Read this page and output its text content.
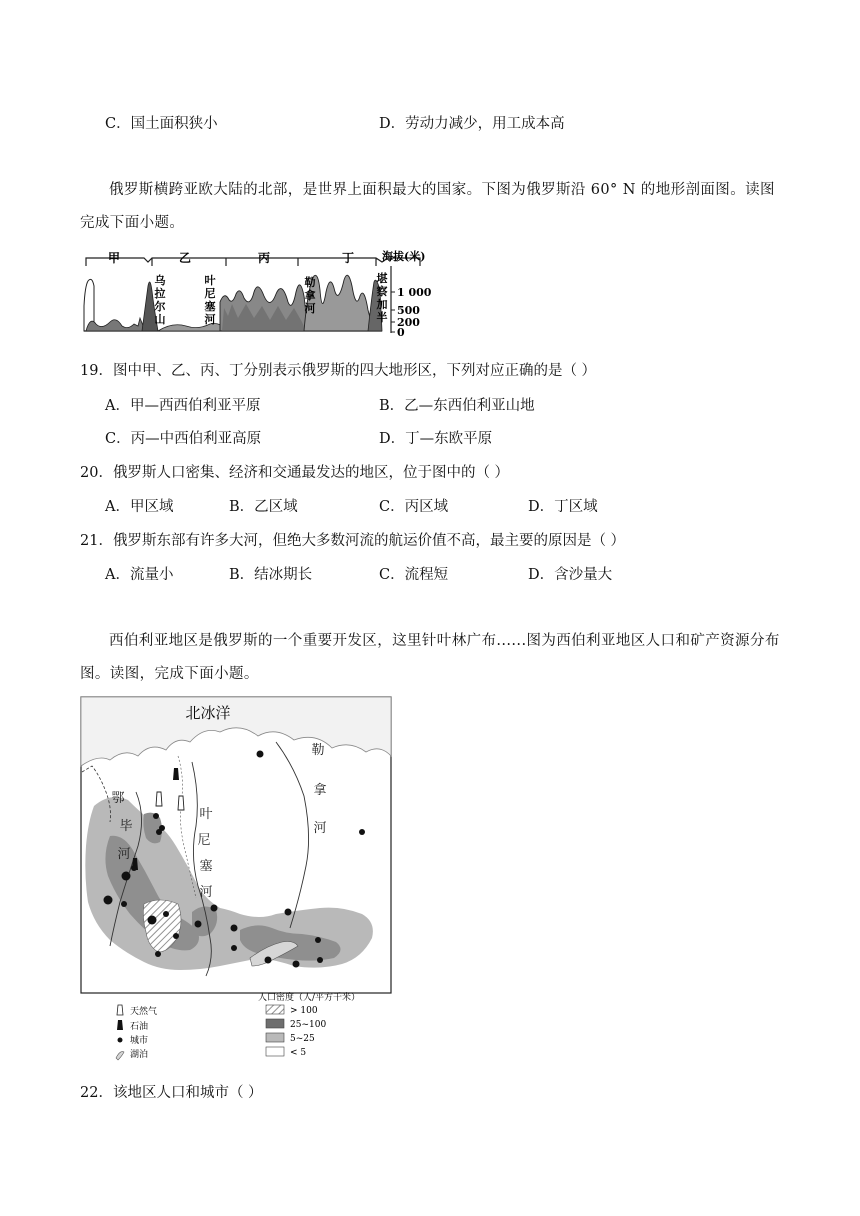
C．国土面积狭小	D．劳动力减少，用工成本高
俄罗斯横跨亚欧大陆的北部，是世界上面积最大的国家。下图为俄罗斯沿 60° N 的地形剖面图。读图完成下面小题。
甲	乙	丙	丁	海拔(米)
乌
拉
尔
山
叶
尼
塞
河
勒
拿
河
堪
察
加
半
1 000
500
200
0
19．图中甲、乙、丙、丁分别表示俄罗斯的四大地形区，下列对应正确的是（ ）
A．甲—西西伯利亚平原	B．乙—东西伯利亚山地
C．丙—中西伯利亚高原	D．丁—东欧平原
20．俄罗斯人口密集、经济和交通最发达的地区，位于图中的（ ）
A．甲区域	B．乙区域	C．丙区域	D．丁区域
21．俄罗斯东部有许多大河，但绝大多数河流的航运价值不高，最主要的原因是（ ）
A．流量小	B．结冰期长	C．流程短	D．含沙量大
西伯利亚地区是俄罗斯的一个重要开发区，这里针叶林广布......图为西伯利亚地区人口和矿产资源分布图。读图，完成下面小题。
北冰洋
鄂
毕
河
叶
尼
塞
河
勒
拿
河
天然气
石油
城市
湖泊
人口密度（人/平方千米）
> 100
25~100
5~25
< 5
22．该地区人口和城市（ ）
